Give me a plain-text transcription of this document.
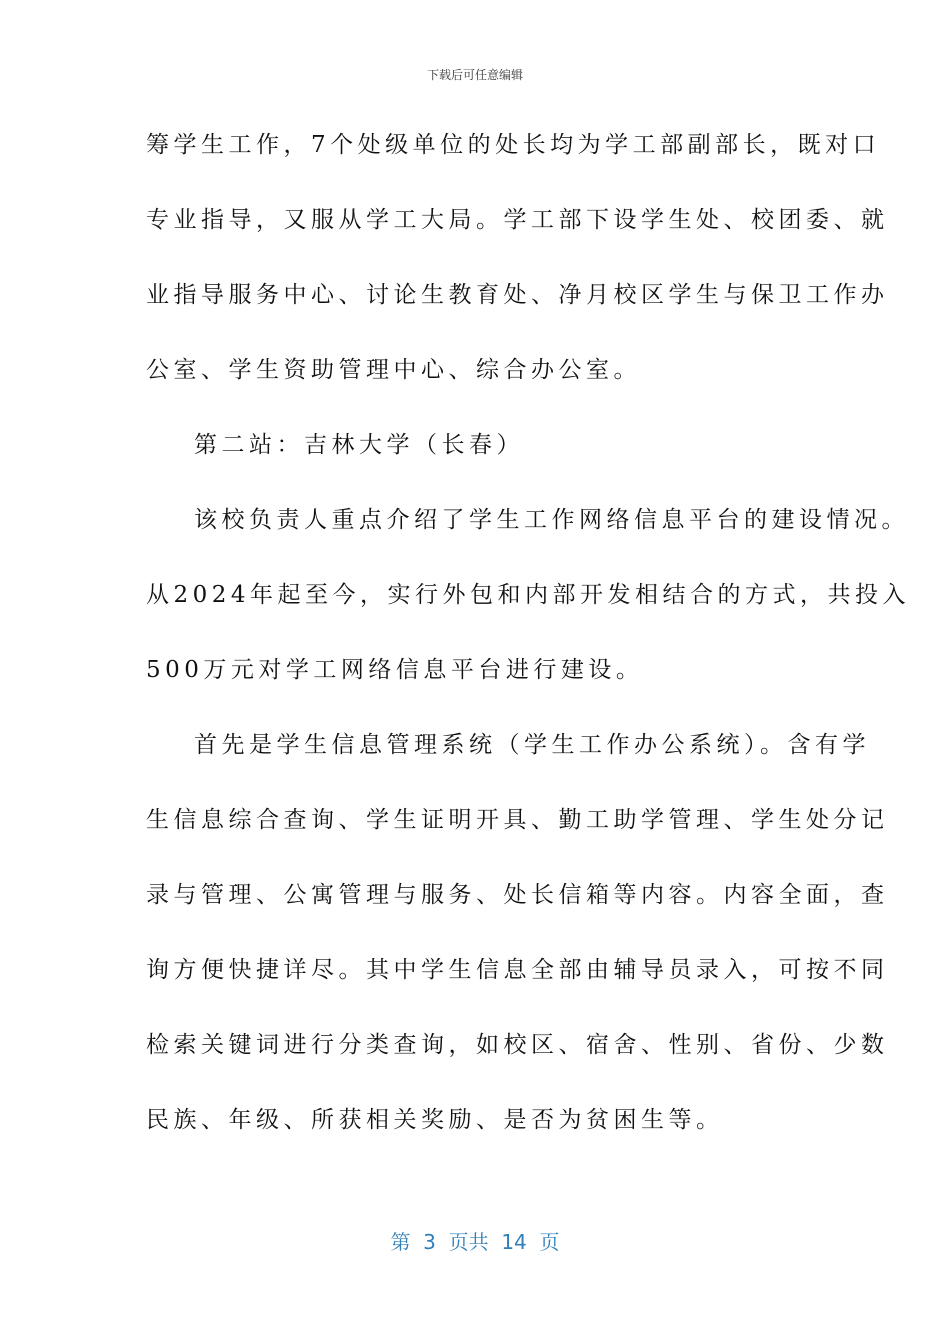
下载后可任意编辑
筹学生工作，7个处级单位的处长均为学工部副部长，既对口
专业指导，又服从学工大局。学工部下设学生处、校团委、就
业指导服务中心、讨论生教育处、净月校区学生与保卫工作办
公室、学生资助管理中心、综合办公室。
第二站：吉林大学（长春）
该校负责人重点介绍了学生工作网络信息平台的建设情况。
从2024年起至今，实行外包和内部开发相结合的方式，共投入
500万元对学工网络信息平台进行建设。
首先是学生信息管理系统（学生工作办公系统）。含有学
生信息综合查询、学生证明开具、勤工助学管理、学生处分记
录与管理、公寓管理与服务、处长信箱等内容。内容全面，查
询方便快捷详尽。其中学生信息全部由辅导员录入，可按不同
检索关键词进行分类查询，如校区、宿舍、性别、省份、少数
民族、年级、所获相关奖励、是否为贫困生等。
第  3  页共  14  页
